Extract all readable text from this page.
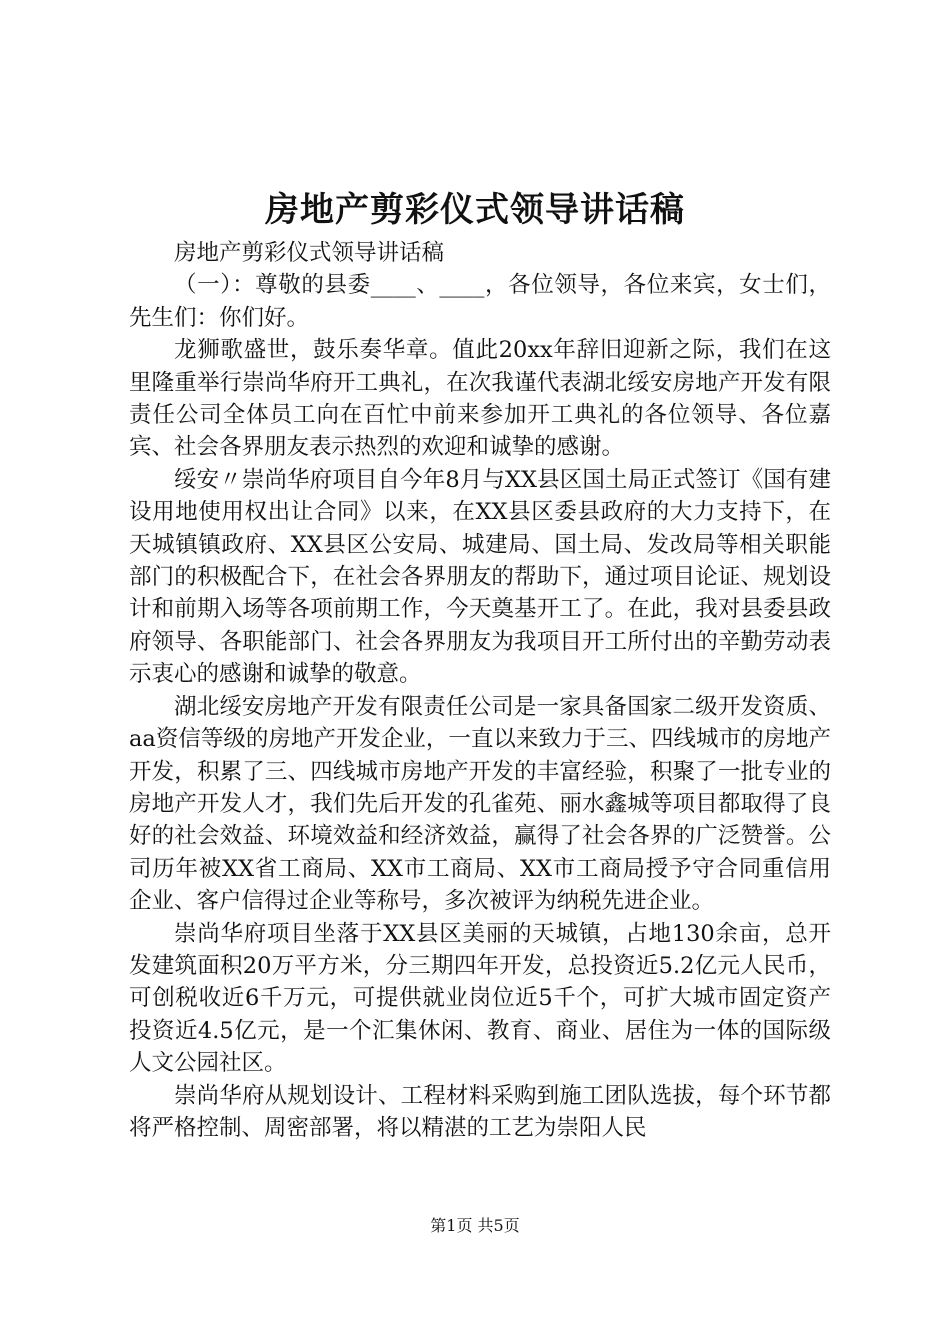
房地产剪彩仪式领导讲话稿

房地产剪彩仪式领导讲话稿

（一）：尊敬的县委____、____，各位领导，各位来宾，女士们，先生们：你们好。

龙狮歌盛世，鼓乐奏华章。值此20xx年辞旧迎新之际，我们在这里隆重举行崇尚华府开工典礼，在次我谨代表湖北绥安房地产开发有限责任公司全体员工向在百忙中前来参加开工典礼的各位领导、各位嘉宾、社会各界朋友表示热烈的欢迎和诚挚的感谢。

绥安〃崇尚华府项目自今年8月与XX县区国土局正式签订《国有建设用地使用权出让合同》以来，在XX县区委县政府的大力支持下，在天城镇镇政府、XX县区公安局、城建局、国土局、发改局等相关职能部门的积极配合下，在社会各界朋友的帮助下，通过项目论证、规划设计和前期入场等各项前期工作，今天奠基开工了。在此，我对县委县政府领导、各职能部门、社会各界朋友为我项目开工所付出的辛勤劳动表示衷心的感谢和诚挚的敬意。

湖北绥安房地产开发有限责任公司是一家具备国家二级开发资质、aa资信等级的房地产开发企业，一直以来致力于三、四线城市的房地产开发，积累了三、四线城市房地产开发的丰富经验，积聚了一批专业的房地产开发人才，我们先后开发的孔雀苑、丽水鑫城等项目都取得了良好的社会效益、环境效益和经济效益，赢得了社会各界的广泛赞誉。公司历年被XX省工商局、XX市工商局、XX市工商局授予守合同重信用企业、客户信得过企业等称号，多次被评为纳税先进企业。

崇尚华府项目坐落于XX县区美丽的天城镇，占地130余亩，总开发建筑面积20万平方米，分三期四年开发，总投资近5.2亿元人民币，可创税收近6千万元，可提供就业岗位近5千个，可扩大城市固定资产投资近4.5亿元，是一个汇集休闲、教育、商业、居住为一体的国际级人文公园社区。

崇尚华府从规划设计、工程材料采购到施工团队选拔，每个环节都将严格控制、周密部署，将以精湛的工艺为崇阳人民

第1页 共5页
